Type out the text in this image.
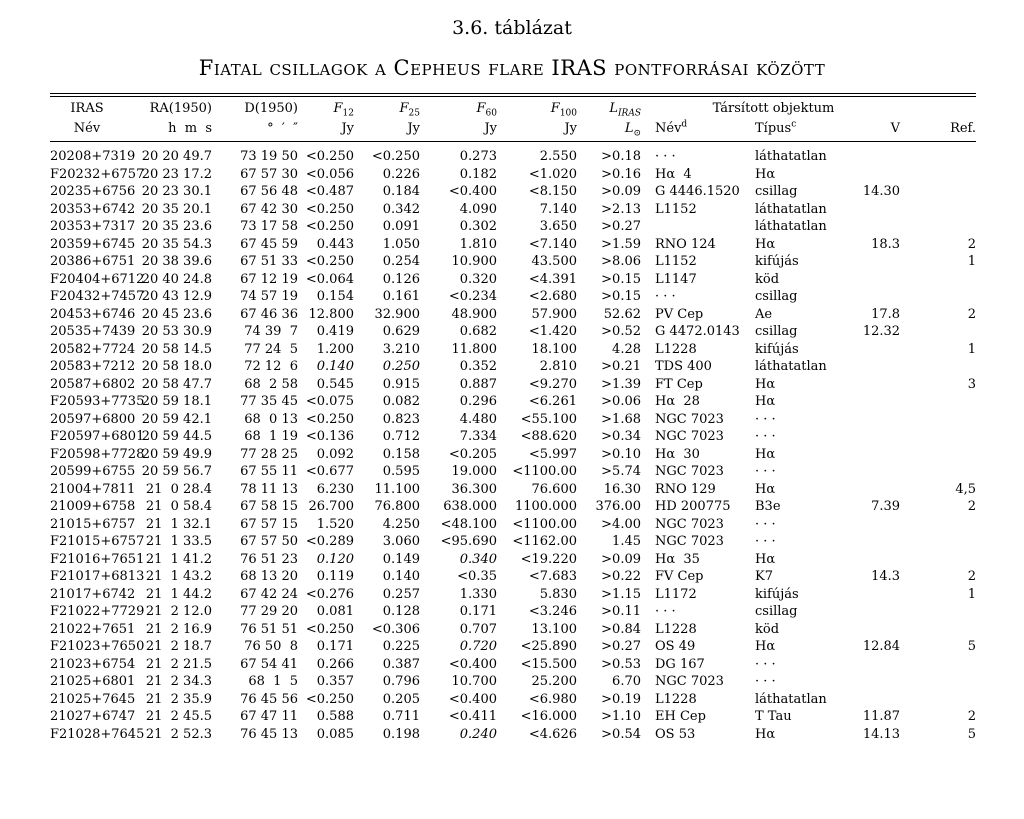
3.6. táblázat
Fiatal csillagok a Cepheus flare IRAS pontforrásai között
IRAS	RA(1950)	D(1950)	$F_{12}$	$F_{25}$	$F_{60}$	$F_{100}$	$L_{IRAS}$	Társított objektum			
Név	h  m  s	°  ′  ″	Jy	Jy	Jy	Jy	$L_⊙$	Név$^d$	Típus$^c$	V	Ref.

20208+7319	20 20 49.7	73 19 50	<0.250	<0.250	0.273	2.550	>0.18	· · ·	láthatatlan		
F20232+6757	20 23 17.2	67 57 30	<0.056	0.226	0.182	<1.020	>0.16	Hα  4	Hα		
20235+6756	20 23 30.1	67 56 48	<0.487	0.184	<0.400	<8.150	>0.09	G 4446.1520	csillag	14.30	
20353+6742	20 35 20.1	67 42 30	<0.250	0.342	4.090	7.140	>2.13	L1152	láthatatlan		
20353+7317	20 35 23.6	73 17 58	<0.250	0.091	0.302	3.650	>0.27		láthatatlan		
20359+6745	20 35 54.3	67 45 59	0.443	1.050	1.810	<7.140	>1.59	RNO 124	Hα	18.3	2
20386+6751	20 38 39.6	67 51 33	<0.250	0.254	10.900	43.500	>8.06	L1152	kifújás		1
F20404+6712	20 40 24.8	67 12 19	<0.064	0.126	0.320	<4.391	>0.15	L1147	köd		
F20432+7457	20 43 12.9	74 57 19	0.154	0.161	<0.234	<2.680	>0.15	· · ·	csillag		
20453+6746	20 45 23.6	67 46 36	12.800	32.900	48.900	57.900	52.62	PV Cep	Ae	17.8	2
20535+7439	20 53 30.9	74 39  7	0.419	0.629	0.682	<1.420	>0.52	G 4472.0143	csillag	12.32	
20582+7724	20 58 14.5	77 24  5	1.200	3.210	11.800	18.100	4.28	L1228	kifújás		1
20583+7212	20 58 18.0	72 12  6	0.140	0.250	0.352	2.810	>0.21	TDS 400	láthatatlan		
20587+6802	20 58 47.7	68  2 58	0.545	0.915	0.887	<9.270	>1.39	FT Cep	Hα		3
F20593+7735	20 59 18.1	77 35 45	<0.075	0.082	0.296	<6.261	>0.06	Hα  28	Hα		
20597+6800	20 59 42.1	68  0 13	<0.250	0.823	4.480	<55.100	>1.68	NGC 7023	· · ·		
F20597+6801	20 59 44.5	68  1 19	<0.136	0.712	7.334	<88.620	>0.34	NGC 7023	· · ·		
F20598+7728	20 59 49.9	77 28 25	0.092	0.158	<0.205	<5.997	>0.10	Hα  30	Hα		
20599+6755	20 59 56.7	67 55 11	<0.677	0.595	19.000	<1100.00	>5.74	NGC 7023	· · ·		
21004+7811	21  0 28.4	78 11 13	6.230	11.100	36.300	76.600	16.30	RNO 129	Hα		4,5
21009+6758	21  0 58.4	67 58 15	26.700	76.800	638.000	1100.000	376.00	HD 200775	B3e	7.39	2
21015+6757	21  1 32.1	67 57 15	1.520	4.250	<48.100	<1100.00	>4.00	NGC 7023	· · ·		
F21015+6757	21  1 33.5	67 57 50	<0.289	3.060	<95.690	<1162.00	1.45	NGC 7023	· · ·		
F21016+7651	21  1 41.2	76 51 23	0.120	0.149	0.340	<19.220	>0.09	Hα  35	Hα		
F21017+6813	21  1 43.2	68 13 20	0.119	0.140	<0.35	<7.683	>0.22	FV Cep	K7	14.3	2
21017+6742	21  1 44.2	67 42 24	<0.276	0.257	1.330	5.830	>1.15	L1172	kifújás		1
F21022+7729	21  2 12.0	77 29 20	0.081	0.128	0.171	<3.246	>0.11	· · ·	csillag		
21022+7651	21  2 16.9	76 51 51	<0.250	<0.306	0.707	13.100	>0.84	L1228	köd		
F21023+7650	21  2 18.7	76 50  8	0.171	0.225	0.720	<25.890	>0.27	OS 49	Hα	12.84	5
21023+6754	21  2 21.5	67 54 41	0.266	0.387	<0.400	<15.500	>0.53	DG 167	· · ·		
21025+6801	21  2 34.3	68  1  5	0.357	0.796	10.700	25.200	6.70	NGC 7023	· · ·		
21025+7645	21  2 35.9	76 45 56	<0.250	0.205	<0.400	<6.980	>0.19	L1228	láthatatlan		
21027+6747	21  2 45.5	67 47 11	0.588	0.711	<0.411	<16.000	>1.10	EH Cep	T Tau	11.87	2
F21028+7645	21  2 52.3	76 45 13	0.085	0.198	0.240	<4.626	>0.54	OS 53	Hα	14.13	5
